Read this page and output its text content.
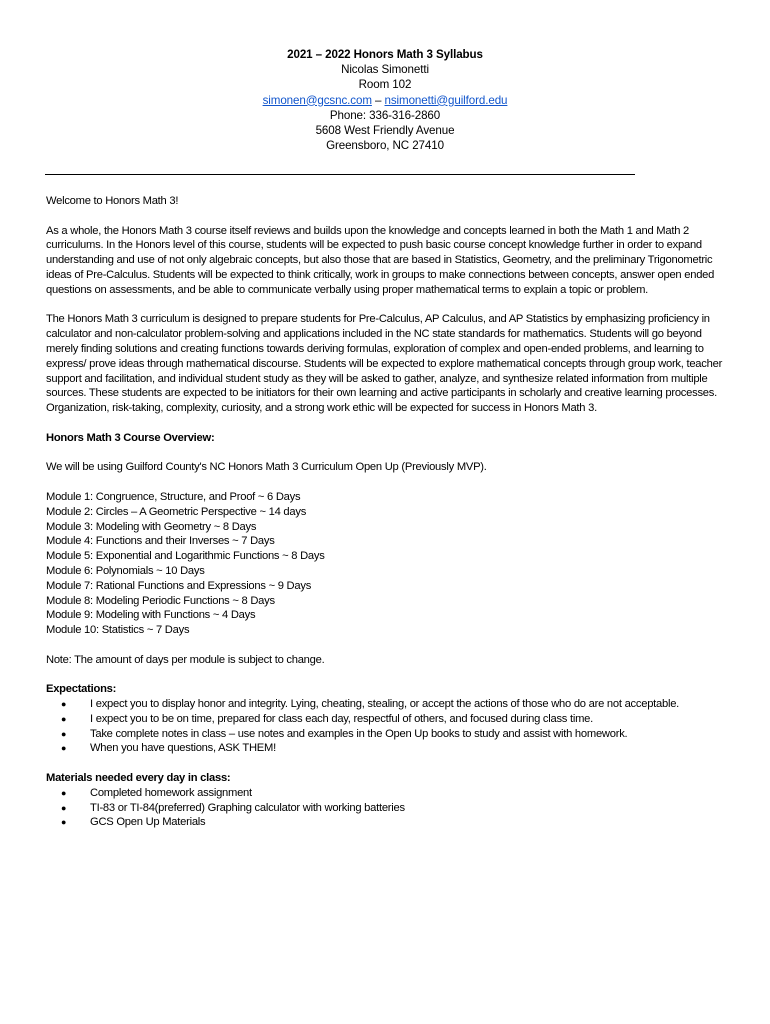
2021 – 2022 Honors Math 3 Syllabus
Nicolas Simonetti
Room 102
simonen@gcsnc.com – nsimonetti@guilford.edu
Phone: 336-316-2860
5608 West Friendly Avenue
Greensboro, NC 27410

Welcome to Honors Math 3!

As a whole, the Honors Math 3 course itself reviews and builds upon the knowledge and concepts learned in both the Math 1 and Math 2 curriculums. In the Honors level of this course, students will be expected to push basic course concept knowledge further in order to expand understanding and use of not only algebraic concepts, but also those that are based in Statistics, Geometry, and the preliminary Trigonometric ideas of Pre-Calculus. Students will be expected to think critically, work in groups to make connections between concepts, answer open ended questions on assessments, and be able to communicate verbally using proper mathematical terms to explain a topic or problem.

The Honors Math 3 curriculum is designed to prepare students for Pre-Calculus, AP Calculus, and AP Statistics by emphasizing proficiency in calculator and non-calculator problem-solving and applications included in the NC state standards for mathematics. Students will go beyond merely finding solutions and creating functions towards deriving formulas, exploration of complex and open-ended problems, and learning to express/ prove ideas through mathematical discourse. Students will be expected to explore mathematical concepts through group work, teacher support and facilitation, and individual student study as they will be asked to gather, analyze, and synthesize related information from multiple sources. These students are expected to be initiators for their own learning and active participants in scholarly and creative learning processes. Organization, risk-taking, complexity, curiosity, and a strong work ethic will be expected for success in Honors Math 3.

Honors Math 3 Course Overview:

We will be using Guilford County's NC Honors Math 3 Curriculum Open Up (Previously MVP).

Module 1: Congruence, Structure, and Proof ~ 6 Days
Module 2: Circles – A Geometric Perspective ~ 14 days
Module 3: Modeling with Geometry ~ 8 Days
Module 4: Functions and their Inverses ~ 7 Days
Module 5: Exponential and Logarithmic Functions ~ 8 Days
Module 6: Polynomials ~ 10 Days
Module 7: Rational Functions and Expressions ~ 9 Days
Module 8: Modeling Periodic Functions ~ 8 Days
Module 9: Modeling with Functions ~ 4 Days
Module 10: Statistics ~ 7 Days

Note: The amount of days per module is subject to change.

Expectations:
● I expect you to display honor and integrity. Lying, cheating, stealing, or accept the actions of those who do are not acceptable.
● I expect you to be on time, prepared for class each day, respectful of others, and focused during class time.
● Take complete notes in class – use notes and examples in the Open Up books to study and assist with homework.
● When you have questions, ASK THEM!
Materials needed every day in class:
● Completed homework assignment
● TI-83 or TI-84(preferred) Graphing calculator with working batteries
● GCS Open Up Materials
